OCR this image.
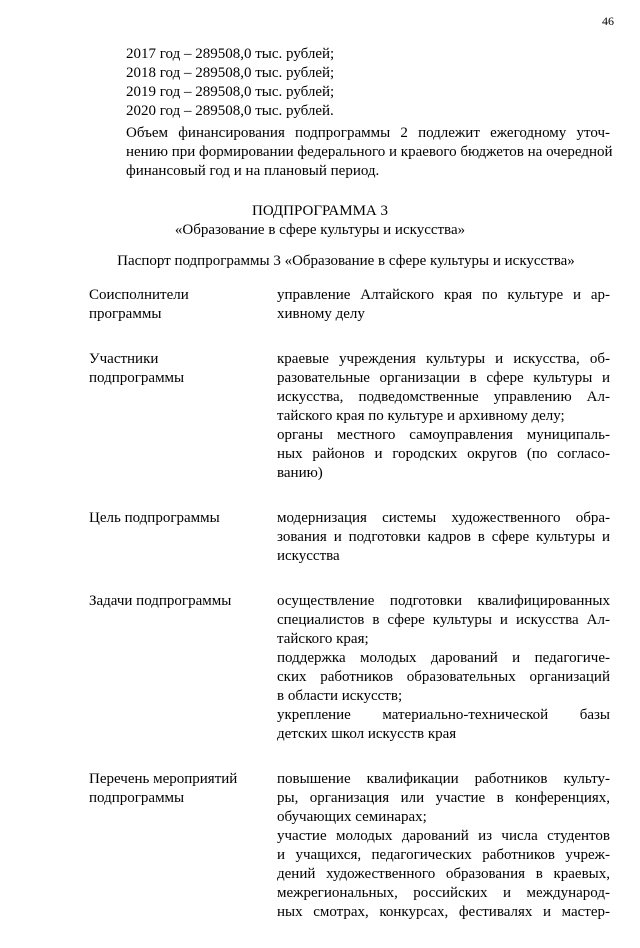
46
2017 год – 289508,0 тыс. рублей;
2018 год – 289508,0 тыс. рублей;
2019 год – 289508,0 тыс. рублей;
2020 год – 289508,0 тыс. рублей.

Объем финансирования подпрограммы 2 подлежит ежегодному уточ-
нению при формировании федерального и краевого бюджетов на очередной
финансовый год и на плановый период.

ПОДПРОГРАММА 3

«Образование в сфере культуры и искусства»

Паспорт подпрограммы 3 «Образование в сфере культуры и искусства»

Соисполнители
программы
управление Алтайского края по культуре и ар-
хивному делу
Участники
подпрограммы
краевые учреждения культуры и искусства, об-
разовательные организации в сфере культуры и
искусства, подведомственные управлению Ал-
тайского края по культуре и архивному делу;
органы местного самоуправления муниципаль-
ных районов и городских округов (по согласо-
ванию)
Цель подпрограммы	модернизация системы художественного обра-
зования и подготовки кадров в сфере культуры и
искусства
Задачи подпрограммы	осуществление подготовки квалифицированных
специалистов в сфере культуры и искусства Ал-
тайского края;
поддержка молодых дарований и педагогиче-
ских работников образовательных организаций
в области искусств;
укрепление материально-технической базы
детских школ искусств края
Перечень мероприятий
подпрограммы
повышение квалификации работников культу-
ры, организация или участие в конференциях,
обучающих семинарах;
участие молодых дарований из числа студентов
и учащихся, педагогических работников учреж-
дений художественного образования в краевых,
межрегиональных, российских и международ-
ных смотрах, конкурсах, фестивалях и мастер-
